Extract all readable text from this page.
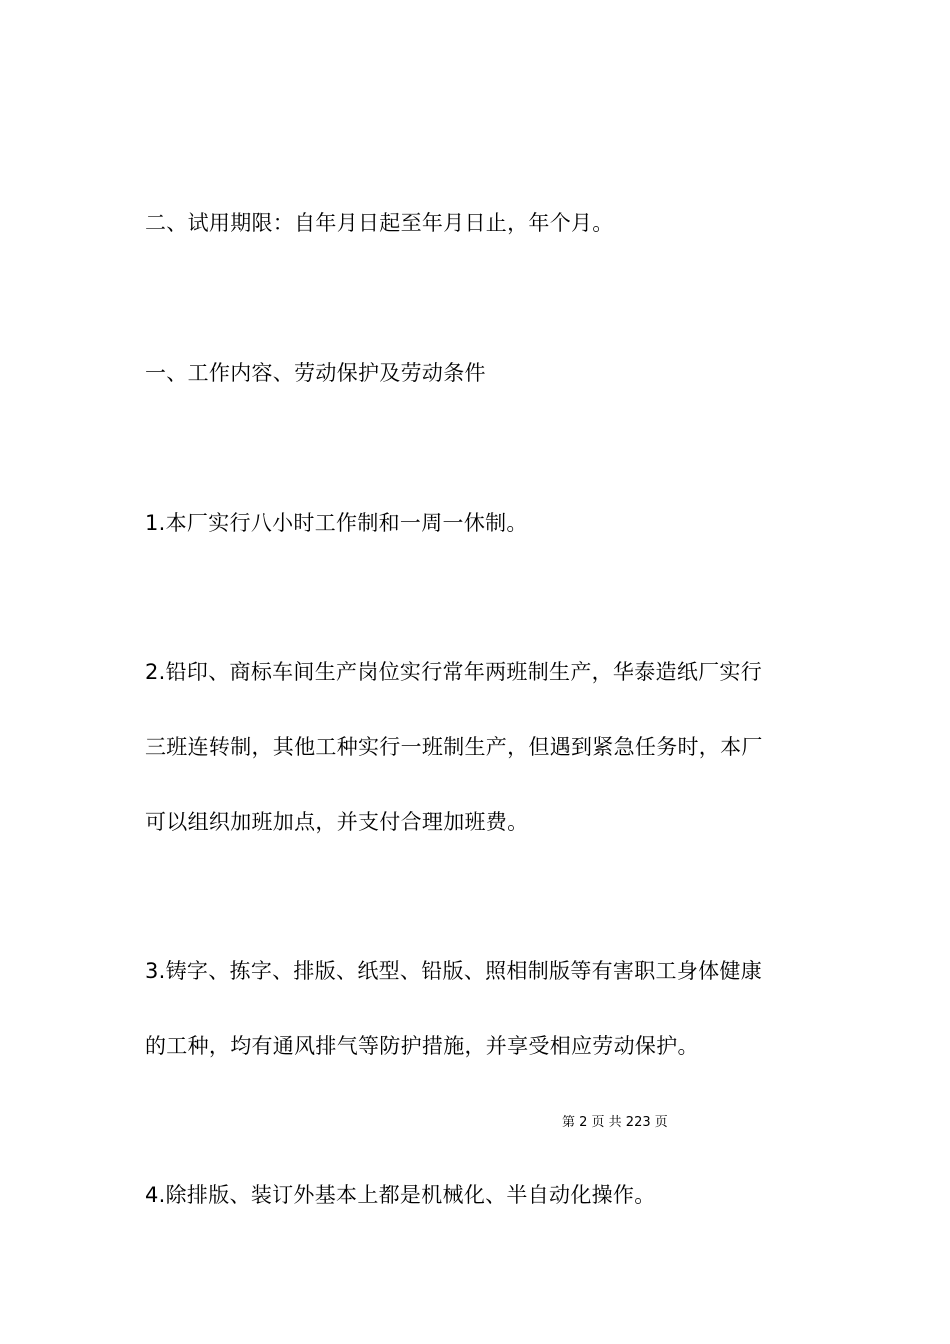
二、试用期限：自年月日起至年月日止，年个月。
一、工作内容、劳动保护及劳动条件
1.本厂实行八小时工作制和一周一休制。
2.铅印、商标车间生产岗位实行常年两班制生产，华泰造纸厂实行
三班连转制，其他工种实行一班制生产，但遇到紧急任务时，本厂
可以组织加班加点，并支付合理加班费。
3.铸字、拣字、排版、纸型、铅版、照相制版等有害职工身体健康
的工种，均有通风排气等防护措施，并享受相应劳动保护。
第 2 页 共 223 页
4.除排版、装订外基本上都是机械化、半自动化操作。
